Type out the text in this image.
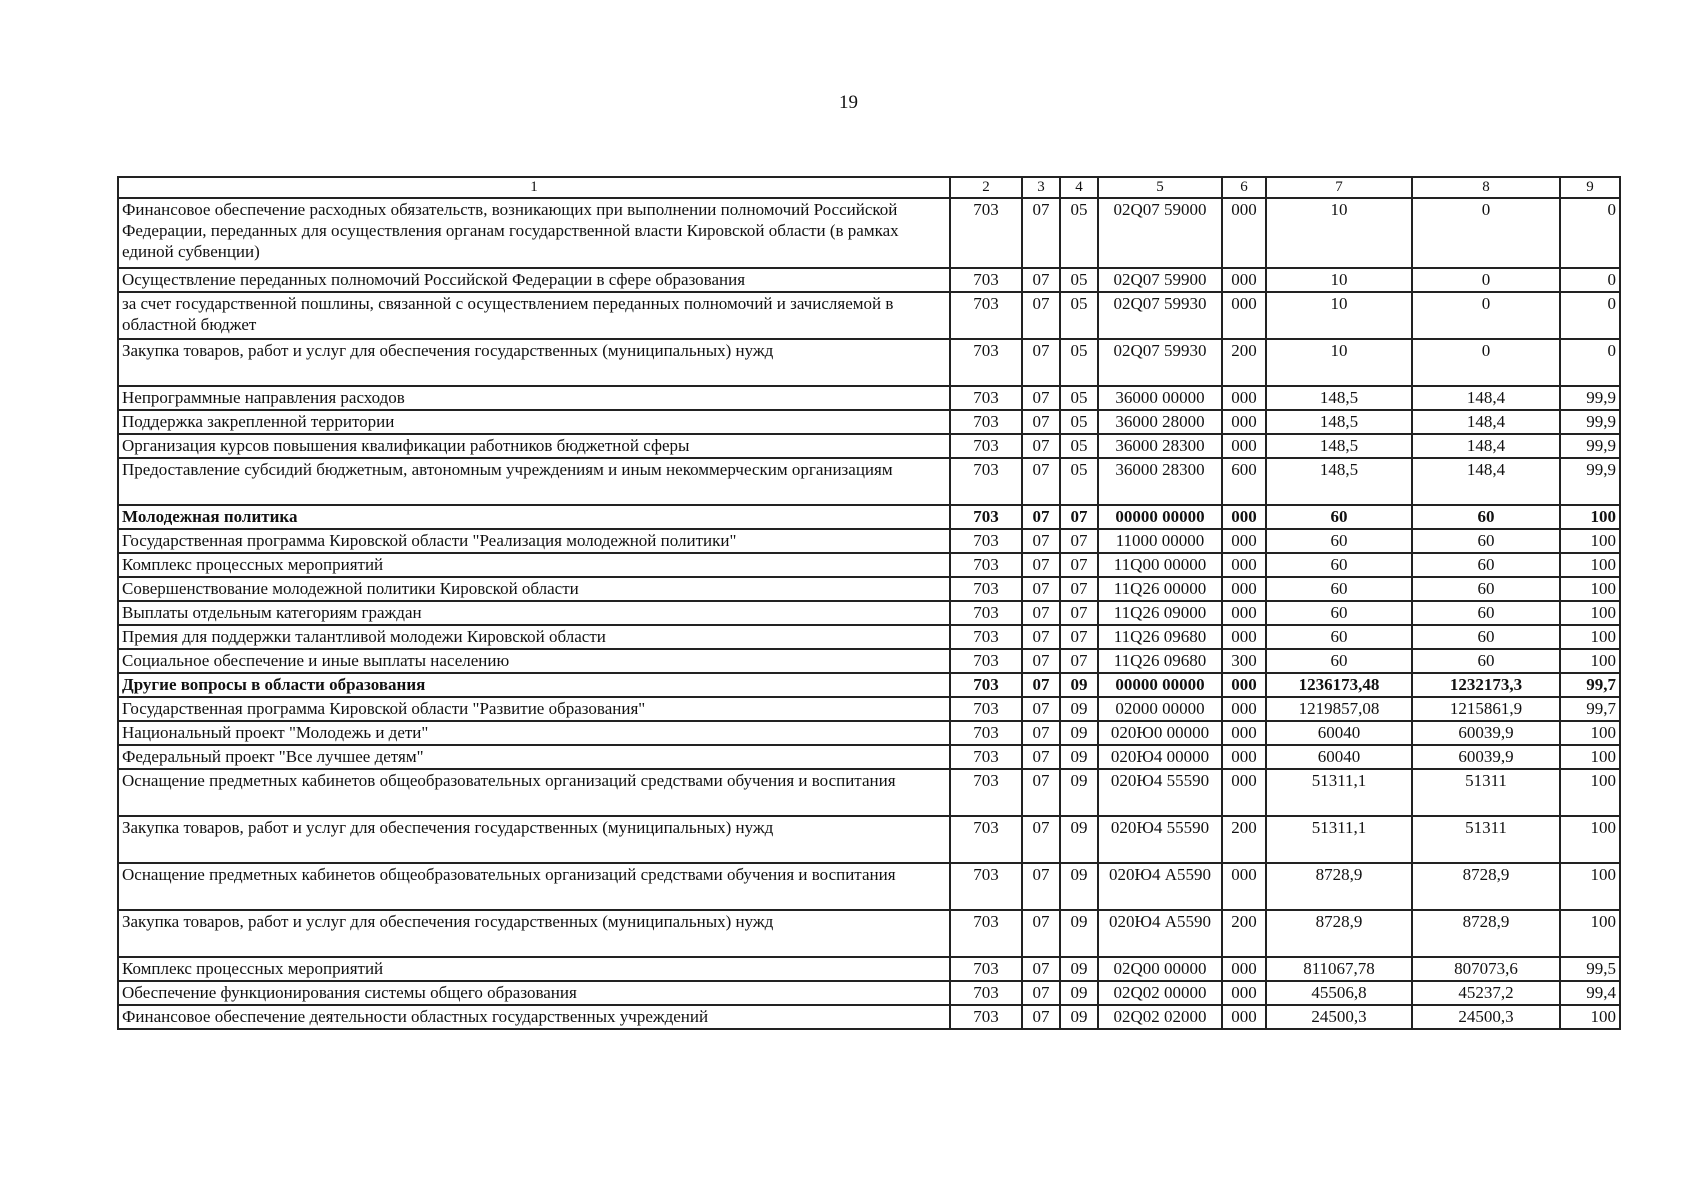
19
1	2	3	4	5	6	7	8	9
Финансовое обеспечение расходных обязательств, возникающих при выполнении полномочий Российской Федерации, переданных для осуществления органам государственной власти Кировской области (в рамках единой субвенции)	703	07	05	02Q07 59000	000	10	0	0
Осуществление переданных полномочий Российской Федерации в сфере образования	703	07	05	02Q07 59900	000	10	0	0
за счет государственной пошлины, связанной с осуществлением переданных полномочий и зачисляемой в областной бюджет	703	07	05	02Q07 59930	000	10	0	0
Закупка товаров, работ и услуг для обеспечения государственных (муниципальных) нужд	703	07	05	02Q07 59930	200	10	0	0
Непрограммные направления расходов	703	07	05	36000 00000	000	148,5	148,4	99,9
Поддержка закрепленной территории	703	07	05	36000 28000	000	148,5	148,4	99,9
Организация курсов повышения квалификации работников бюджетной сферы	703	07	05	36000 28300	000	148,5	148,4	99,9
Предоставление субсидий бюджетным, автономным учреждениям и иным некоммерческим организациям	703	07	05	36000 28300	600	148,5	148,4	99,9
Молодежная политика	703	07	07	00000 00000	000	60	60	100
Государственная программа Кировской области "Реализация молодежной политики"	703	07	07	11000 00000	000	60	60	100
Комплекс процессных мероприятий	703	07	07	11Q00 00000	000	60	60	100
Совершенствование молодежной политики Кировской области	703	07	07	11Q26 00000	000	60	60	100
Выплаты отдельным категориям граждан	703	07	07	11Q26 09000	000	60	60	100
Премия для поддержки талантливой молодежи Кировской области	703	07	07	11Q26 09680	000	60	60	100
Социальное обеспечение и иные выплаты населению	703	07	07	11Q26 09680	300	60	60	100
Другие вопросы в области образования	703	07	09	00000 00000	000	1236173,48	1232173,3	99,7
Государственная программа Кировской области "Развитие образования"	703	07	09	02000 00000	000	1219857,08	1215861,9	99,7
Национальный проект "Молодежь и дети"	703	07	09	020Ю0 00000	000	60040	60039,9	100
Федеральный проект "Все лучшее детям"	703	07	09	020Ю4 00000	000	60040	60039,9	100
Оснащение предметных кабинетов общеобразовательных организаций средствами обучения и воспитания	703	07	09	020Ю4 55590	000	51311,1	51311	100
Закупка товаров, работ и услуг для обеспечения государственных (муниципальных) нужд	703	07	09	020Ю4 55590	200	51311,1	51311	100
Оснащение предметных кабинетов общеобразовательных организаций средствами обучения и воспитания	703	07	09	020Ю4 А5590	000	8728,9	8728,9	100
Закупка товаров, работ и услуг для обеспечения государственных (муниципальных) нужд	703	07	09	020Ю4 А5590	200	8728,9	8728,9	100
Комплекс процессных мероприятий	703	07	09	02Q00 00000	000	811067,78	807073,6	99,5
Обеспечение функционирования системы общего образования	703	07	09	02Q02 00000	000	45506,8	45237,2	99,4
Финансовое обеспечение деятельности областных государственных учреждений	703	07	09	02Q02 02000	000	24500,3	24500,3	100
